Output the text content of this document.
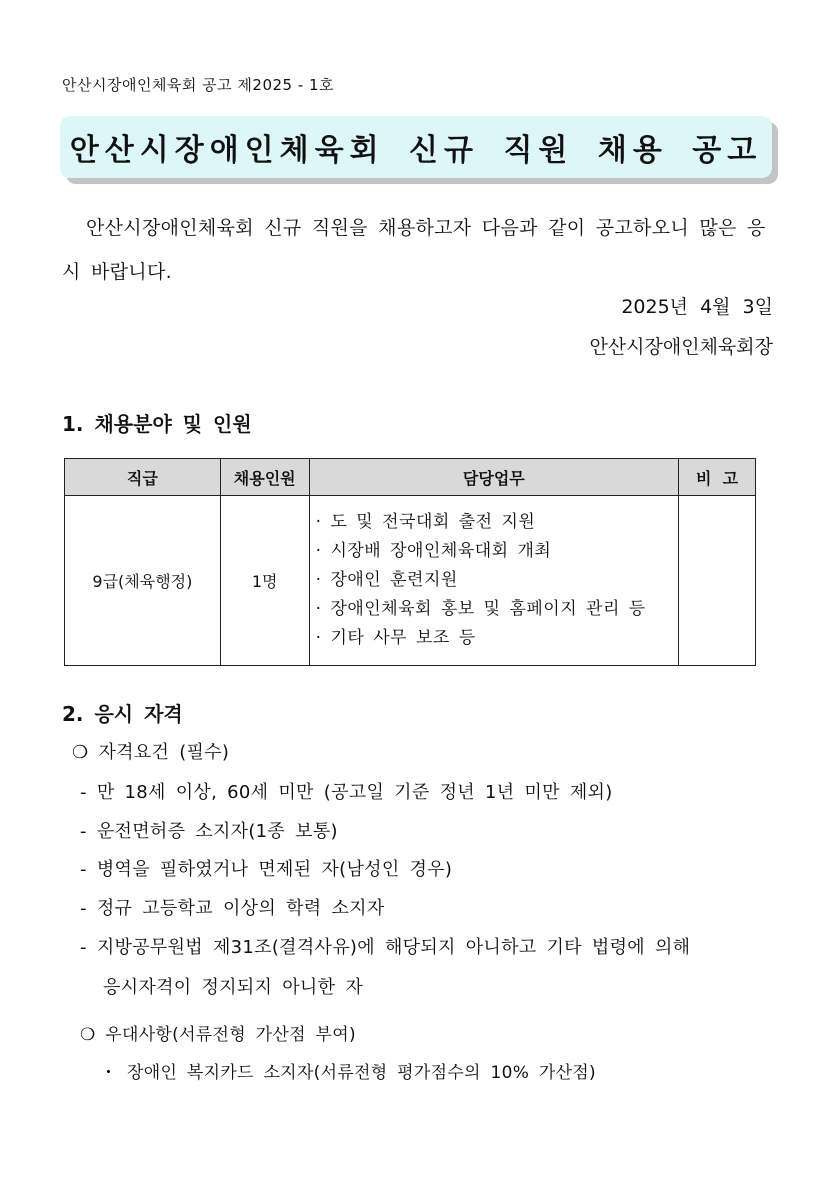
안산시장애인체육회 공고 제2025 - 1호
안산시장애인체육회 신규 직원 채용 공고
안산시장애인체육회 신규 직원을 채용하고자 다음과 같이 공고하오니 많은 응시 바랍니다.
2025년 4월 3일
안산시장애인체육회장
1. 채용분야 및 인원
직급	채용인원	담당업무	비  고
9급(체육행정)	1명	· 도 및 전국대회 출전 지원
· 시장배 장애인체육대회 개최
· 장애인 훈련지원
· 장애인체육회 홍보 및 홈페이지 관리 등
· 기타 사무 보조 등	

2. 응시 자격
❍ 자격요건 (필수)
- 만 18세 이상, 60세 미만 (공고일 기준 정년 1년 미만 제외)
- 운전면허증 소지자(1종 보통)
- 병역을 필하였거나 면제된 자(남성인 경우)
- 정규 고등학교 이상의 학력 소지자
- 지방공무원법 제31조(결격사유)에 해당되지 아니하고 기타 법령에 의해
응시자격이 정지되지 아니한 자
❍ 우대사항(서류전형 가산점 부여)
・ 장애인 복지카드 소지자(서류전형 평가점수의 10% 가산점)
